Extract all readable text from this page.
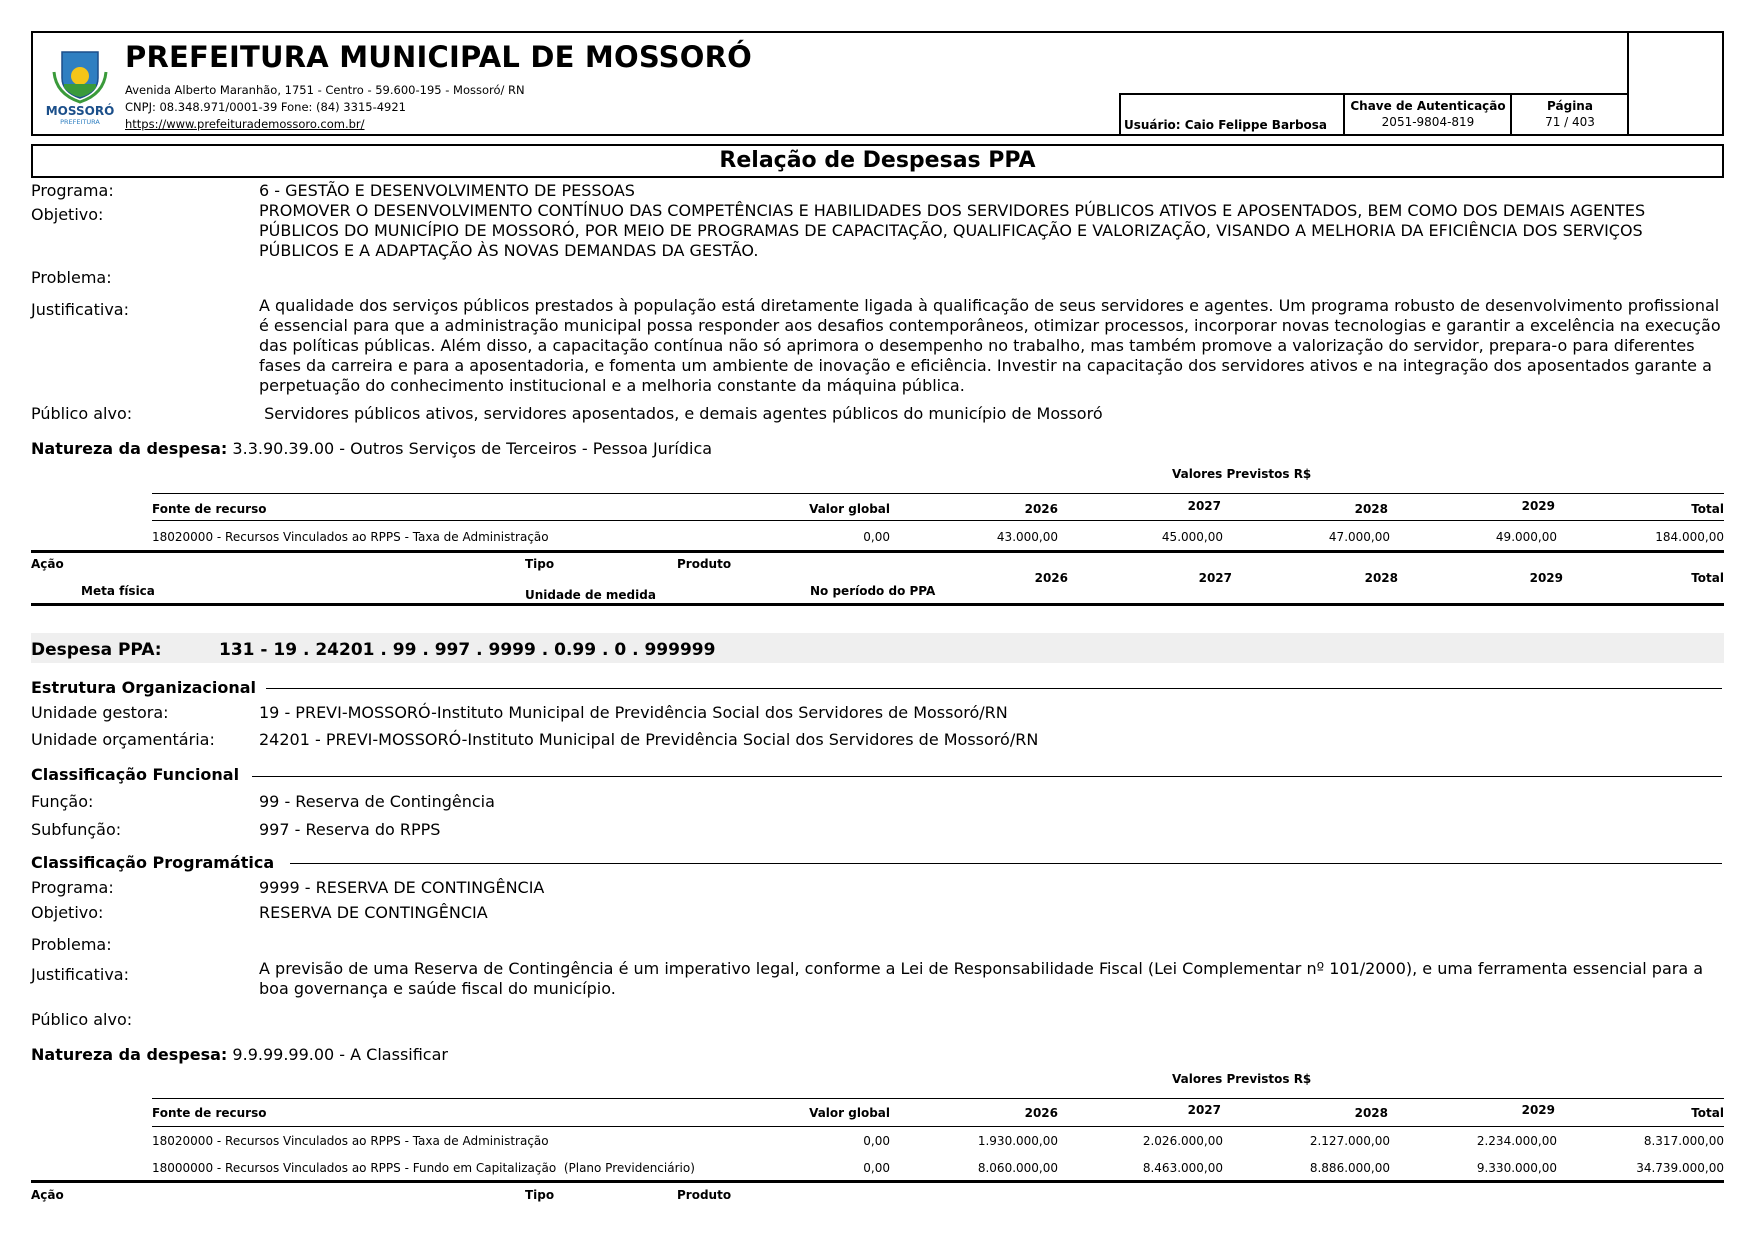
MOSSORÓ
PREFEITURA
PREFEITURA MUNICIPAL DE MOSSORÓ
Avenida Alberto Maranhão, 1751 - Centro - 59.600-195 - Mossoró/ RN
CNPJ: 08.348.971/0001-39 Fone: (84) 3315-4921
https://www.prefeiturademossoro.com.br/	Usuário: Caio Felippe Barbosa
Chave de Autenticação
2051-9804-819
Página
71 / 403
Relação de Despesas PPA
Programa:	6 - GESTÃO E DESENVOLVIMENTO DE PESSOAS
Objetivo:	PROMOVER O DESENVOLVIMENTO CONTÍNUO DAS COMPETÊNCIAS E HABILIDADES DOS SERVIDORES PÚBLICOS ATIVOS E APOSENTADOS, BEM COMO DOS DEMAIS AGENTES PÚBLICOS DO MUNICÍPIO DE MOSSORÓ, POR MEIO DE PROGRAMAS DE CAPACITAÇÃO, QUALIFICAÇÃO E VALORIZAÇÃO, VISANDO A MELHORIA DA EFICIÊNCIA DOS SERVIÇOS PÚBLICOS E A ADAPTAÇÃO ÀS NOVAS DEMANDAS DA GESTÃO.
Problema:
Justificativa:	A qualidade dos serviços públicos prestados à população está diretamente ligada à qualificação de seus servidores e agentes. Um programa robusto de desenvolvimento profissional é essencial para que a administração municipal possa responder aos desafios contemporâneos, otimizar processos, incorporar novas tecnologias e garantir a excelência na execução das políticas públicas. Além disso, a capacitação contínua não só aprimora o desempenho no trabalho, mas também promove a valorização do servidor, prepara-o para diferentes fases da carreira e para a aposentadoria, e fomenta um ambiente de inovação e eficiência. Investir na capacitação dos servidores ativos e na integração dos aposentados garante a perpetuação do conhecimento institucional e a melhoria constante da máquina pública.
Público alvo:	Servidores públicos ativos, servidores aposentados, e demais agentes públicos do município de Mossoró
Natureza da despesa: 3.3.90.39.00 - Outros Serviços de Terceiros - Pessoa Jurídica
Valores Previstos R$
Fonte de recurso	Valor global	2026	2027	2028	2029	Total
18020000 - Recursos Vinculados ao RPPS - Taxa de Administração	0,00	43.000,00	45.000,00	47.000,00	49.000,00	184.000,00
Ação	Tipo	Produto
Meta física	Unidade de medida	No período do PPA
2026	2027	2028	2029	Total
Despesa PPA:	131 - 19 . 24201 . 99 . 997 . 9999 . 0.99 . 0 . 999999
Estrutura Organizacional
Unidade gestora:	19 - PREVI-MOSSORÓ-Instituto Municipal de Previdência Social dos Servidores de Mossoró/RN
Unidade orçamentária:	24201 - PREVI-MOSSORÓ-Instituto Municipal de Previdência Social dos Servidores de Mossoró/RN
Classificação Funcional
Função:	99 - Reserva de Contingência
Subfunção:	997 - Reserva do RPPS
Classificação Programática
Programa:	9999 - RESERVA DE CONTINGÊNCIA
Objetivo:	RESERVA DE CONTINGÊNCIA
Problema:
Justificativa:	A previsão de uma Reserva de Contingência é um imperativo legal, conforme a Lei de Responsabilidade Fiscal (Lei Complementar nº 101/2000), e uma ferramenta essencial para a boa governança e saúde fiscal do município.
Público alvo:
Natureza da despesa: 9.9.99.99.00 - A Classificar
Valores Previstos R$
Fonte de recurso	Valor global	2026	2027	2028	2029	Total
18020000 - Recursos Vinculados ao RPPS - Taxa de Administração	0,00	1.930.000,00	2.026.000,00	2.127.000,00	2.234.000,00	8.317.000,00
18000000 - Recursos Vinculados ao RPPS - Fundo em Capitalização  (Plano Previdenciário)	0,00	8.060.000,00	8.463.000,00	8.886.000,00	9.330.000,00	34.739.000,00
Ação	Tipo	Produto
